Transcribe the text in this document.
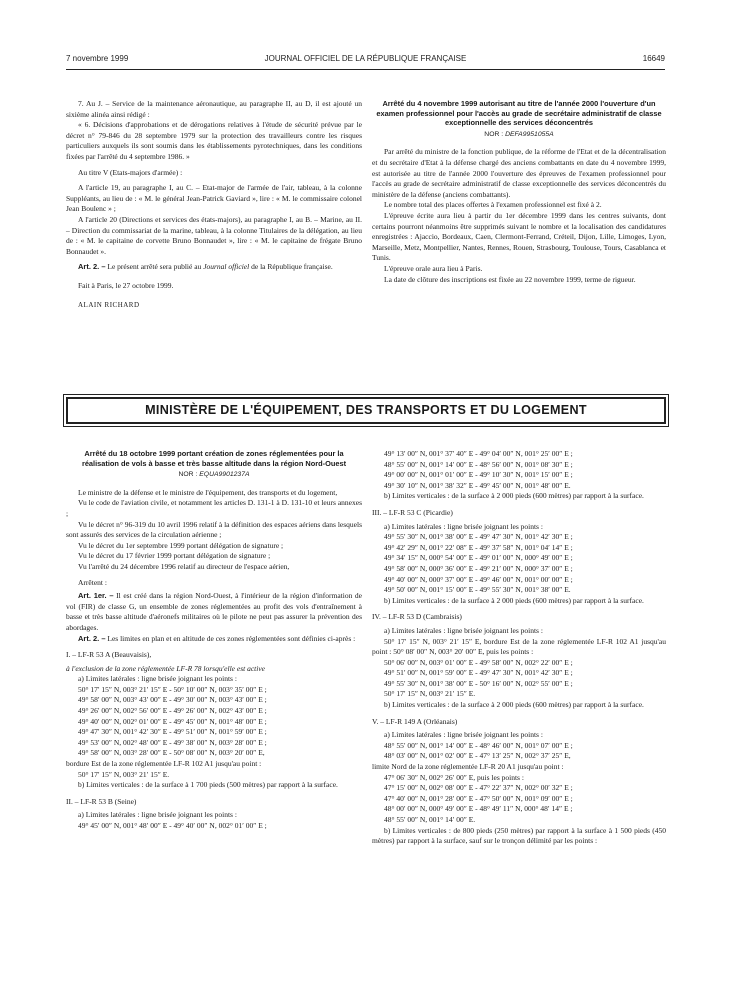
7 novembre 1999	JOURNAL OFFICIEL DE LA RÉPUBLIQUE FRANÇAISE	16649

7. Au J. – Service de la maintenance aéronautique, au paragraphe II, au D, il est ajouté un sixième alinéa ainsi rédigé :

« 6. Décisions d'approbations et de dérogations relatives à l'étude de sécurité prévue par le décret n° 79-846 du 28 septembre 1979 sur la protection des travailleurs contre les risques particuliers auxquels ils sont soumis dans les établissements pyrotechniques, dans les conditions fixées par l'arrêté du 4 septembre 1986. »

Au titre V (Etats-majors d'armée) :

A l'article 19, au paragraphe I, au C. – Etat-major de l'armée de l'air, tableau, à la colonne Suppléants, au lieu de : « M. le général Jean-Patrick Gaviard », lire : « M. le commissaire colonel Jean Boulenc » ;

A l'article 20 (Directions et services des états-majors), au paragraphe I, au B. – Marine, au II. – Direction du commissariat de la marine, tableau, à la colonne Titulaires de la délégation, au lieu de : « M. le capitaine de corvette Bruno Bonnaudet », lire : « M. le capitaine de frégate Bruno Bonnaudet ».

Art. 2. – Le présent arrêté sera publié au Journal officiel de la République française.

Fait à Paris, le 27 octobre 1999.

ALAIN RICHARD

Arrêté du 4 novembre 1999 autorisant au titre de l'année 2000 l'ouverture d'un examen professionnel pour l'accès au grade de secrétaire administratif de classe exceptionnelle des services déconcentrés
NOR : DEFA9951055A

Par arrêté du ministre de la fonction publique, de la réforme de l'Etat et de la décentralisation et du secrétaire d'Etat à la défense chargé des anciens combattants en date du 4 novembre 1999, est autorisée au titre de l'année 2000 l'ouverture des épreuves de l'examen professionnel pour l'accès au grade de secrétaire administratif de classe exceptionnelle des services déconcentrés du ministère de la défense (anciens combattants).

Le nombre total des places offertes à l'examen professionnel est fixé à 2.

L'épreuve écrite aura lieu à partir du 1er décembre 1999 dans les centres suivants, dont certains pourront néanmoins être supprimés suivant le nombre et la localisation des candidatures enregistrées : Ajaccio, Bordeaux, Caen, Clermont-Ferrand, Créteil, Dijon, Lille, Limoges, Lyon, Marseille, Metz, Montpellier, Nantes, Rennes, Rouen, Strasbourg, Toulouse, Tours, Casablanca et Tunis.

L'épreuve orale aura lieu à Paris.

La date de clôture des inscriptions est fixée au 22 novembre 1999, terme de rigueur.

MINISTÈRE DE L'ÉQUIPEMENT, DES TRANSPORTS ET DU LOGEMENT
Arrêté du 18 octobre 1999 portant création de zones réglementées pour la réalisation de vols à basse et très basse altitude dans la région Nord-Ouest
NOR : EQUA9901237A

Le ministre de la défense et le ministre de l'équipement, des transports et du logement,

Vu le code de l'aviation civile, et notamment les articles D. 131-1 à D. 131-10 et leurs annexes ;

Vu le décret n° 96-319 du 10 avril 1996 relatif à la définition des espaces aériens dans lesquels sont assurés des services de la circulation aérienne ;

Vu le décret du 1er septembre 1999 portant délégation de signature ;

Vu le décret du 17 février 1999 portant délégation de signature ;

Vu l'arrêté du 24 décembre 1996 relatif au directeur de l'espace aérien,

Arrêtent :

Art. 1er. – Il est créé dans la région Nord-Ouest, à l'intérieur de la région d'information de vol (FIR) de classe G, un ensemble de zones réglementées au profit des vols d'entraînement à basse et très basse altitude d'aéronefs militaires où le pilote ne peut pas assurer la prévention des abordages.

Art. 2. – Les limites en plan et en altitude de ces zones réglementées sont définies ci-après :

I. – LF-R 53 A (Beauvaisis),

à l'exclusion de la zone réglementée LF-R 78 lorsqu'elle est active

a) Limites latérales : ligne brisée joignant les points :

50° 17′ 15″ N, 003° 21′ 15″ E - 50° 10′ 00″ N, 003° 35′ 00″ E ;

49° 58′ 00″ N, 003° 43′ 00″ E - 49° 30′ 00″ N, 003° 43′ 00″ E ;

49° 26′ 00″ N, 002° 56′ 00″ E - 49° 26′ 00″ N, 002° 43′ 00″ E ;

49° 40′ 00″ N, 002° 01′ 00″ E - 49° 45′ 00″ N, 001° 48′ 00″ E ;

49° 47′ 30″ N, 001° 42′ 30″ E - 49° 51′ 00″ N, 001° 59′ 00″ E ;

49° 53′ 00″ N, 002° 48′ 00″ E - 49° 38′ 00″ N, 003° 28′ 00″ E ;

49° 58′ 00″ N, 003° 28′ 00″ E - 50° 08′ 00″ N, 003° 20′ 00″ E,

bordure Est de la zone réglementée LF-R 102 A1 jusqu'au point :

50° 17′ 15″ N, 003° 21′ 15″ E.

b) Limites verticales : de la surface à 1 700 pieds (500 mètres) par rapport à la surface.

II. – LF-R 53 B (Seine)

a) Limites latérales : ligne brisée joignant les points :

49° 45′ 00″ N, 001° 48′ 00″ E - 49° 40′ 00″ N, 002° 01′ 00″ E ;

49° 13′ 00″ N, 001° 37′ 40″ E - 49° 04′ 00″ N, 001° 25′ 00″ E ;

48° 55′ 00″ N, 001° 14′ 00″ E - 48° 56′ 00″ N, 001° 08′ 30″ E ;

49° 00′ 00″ N, 001° 01′ 00″ E - 49° 10′ 30″ N, 001° 15′ 00″ E ;

49° 30′ 10″ N, 001° 38′ 32″ E - 49° 45′ 00″ N, 001° 48′ 00″ E.

b) Limites verticales : de la surface à 2 000 pieds (600 mètres) par rapport à la surface.

III. – LF-R 53 C (Picardie)

a) Limites latérales : ligne brisée joignant les points :

49° 55′ 30″ N, 001° 38′ 00″ E - 49° 47′ 30″ N, 001° 42′ 30″ E ;

49° 42′ 29″ N, 001° 22′ 08″ E - 49° 37′ 58″ N, 001° 04′ 14″ E ;

49° 34′ 15″ N, 000° 54′ 00″ E - 49° 01′ 00″ N, 000° 49′ 00″ E ;

49° 58′ 00″ N, 000° 36′ 00″ E - 49° 21′ 00″ N, 000° 37′ 00″ E ;

49° 40′ 00″ N, 000° 37′ 00″ E - 49° 46′ 00″ N, 001° 00′ 00″ E ;

49° 50′ 00″ N, 001° 15′ 00″ E - 49° 55′ 30″ N, 001° 38′ 00″ E.

b) Limites verticales : de la surface à 2 000 pieds (600 mètres) par rapport à la surface.

IV. – LF-R 53 D (Cambraisis)

a) Limites latérales : ligne brisée joignant les points :

50° 17′ 15″ N, 003° 21′ 15″ E, bordure Est de la zone réglementée LF-R 102 A1 jusqu'au point : 50° 08′ 00″ N, 003° 20′ 00″ E, puis les points :

50° 06′ 00″ N, 003° 01′ 00″ E - 49° 58′ 00″ N, 002° 22′ 00″ E ;

49° 51′ 00″ N, 001° 59′ 00″ E - 49° 47′ 30″ N, 001° 42′ 30″ E ;

49° 55′ 30″ N, 001° 38′ 00″ E - 50° 16′ 00″ N, 002° 55′ 00″ E ;

50° 17′ 15″ N, 003° 21′ 15″ E.

b) Limites verticales : de la surface à 2 000 pieds (600 mètres) par rapport à la surface.

V. – LF-R 149 A (Orléanais)

a) Limites latérales : ligne brisée joignant les points :

48° 55′ 00″ N, 001° 14′ 00″ E - 48° 46′ 00″ N, 001° 07′ 00″ E ;

48° 03′ 00″ N, 001° 02′ 00″ E - 47° 13′ 25″ N, 002° 37′ 25″ E,

limite Nord de la zone réglementée LF-R 20 A1 jusqu'au point :

47° 06′ 30″ N, 002° 26′ 00″ E, puis les points :

47° 15′ 00″ N, 002° 08′ 00″ E - 47° 22′ 37″ N, 002° 00′ 32″ E ;

47° 40′ 00″ N, 001° 28′ 00″ E - 47° 50′ 00″ N, 001° 09′ 00″ E ;

48° 00′ 00″ N, 000° 49′ 00″ E - 48° 49′ 11″ N, 000° 48′ 14″ E ;

48° 55′ 00″ N, 001° 14′ 00″ E.

b) Limites verticales : de 800 pieds (250 mètres) par rapport à la surface à 1 500 pieds (450 mètres) par rapport à la surface, sauf sur le tronçon délimité par les points :
